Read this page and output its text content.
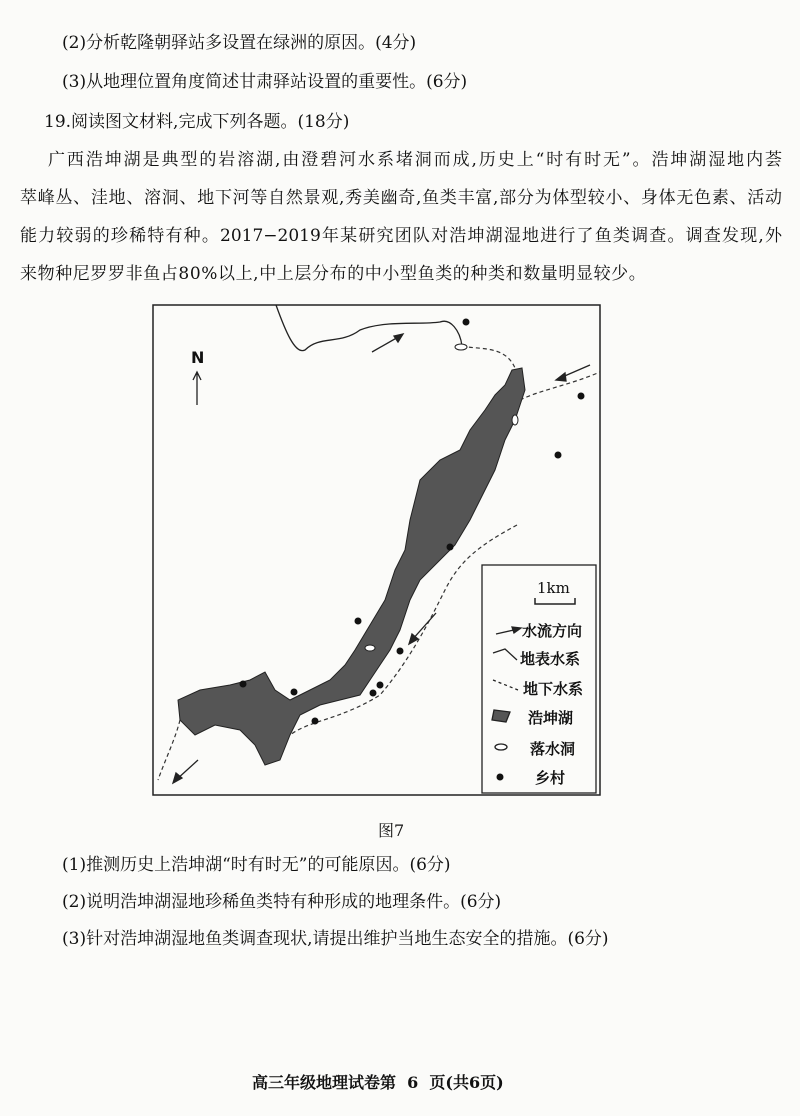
(2)分析乾隆朝驿站多设置在绿洲的原因。(4分)
(3)从地理位置角度简述甘肃驿站设置的重要性。(6分)
19.阅读图文材料,完成下列各题。(18分)
广西浩坤湖是典型的岩溶湖,由澄碧河水系堵洞而成,历史上“时有时无”。浩坤湖湿地内荟
萃峰丛、洼地、溶洞、地下河等自然景观,秀美幽奇,鱼类丰富,部分为体型较小、身体无色素、活动
能力较弱的珍稀特有种。2017−2019年某研究团队对浩坤湖湿地进行了鱼类调查。调查发现,外
来物种尼罗罗非鱼占80%以上,中上层分布的中小型鱼类的种类和数量明显较少。
N
1km
水流方向
地表水系
地下水系
浩坤湖
落水洞
乡村
图7
(1)推测历史上浩坤湖“时有时无”的可能原因。(6分)
(2)说明浩坤湖湿地珍稀鱼类特有种形成的地理条件。(6分)
(3)针对浩坤湖湿地鱼类调查现状,请提出维护当地生态安全的措施。(6分)
高三年级地理试卷第  6  页(共6页)
